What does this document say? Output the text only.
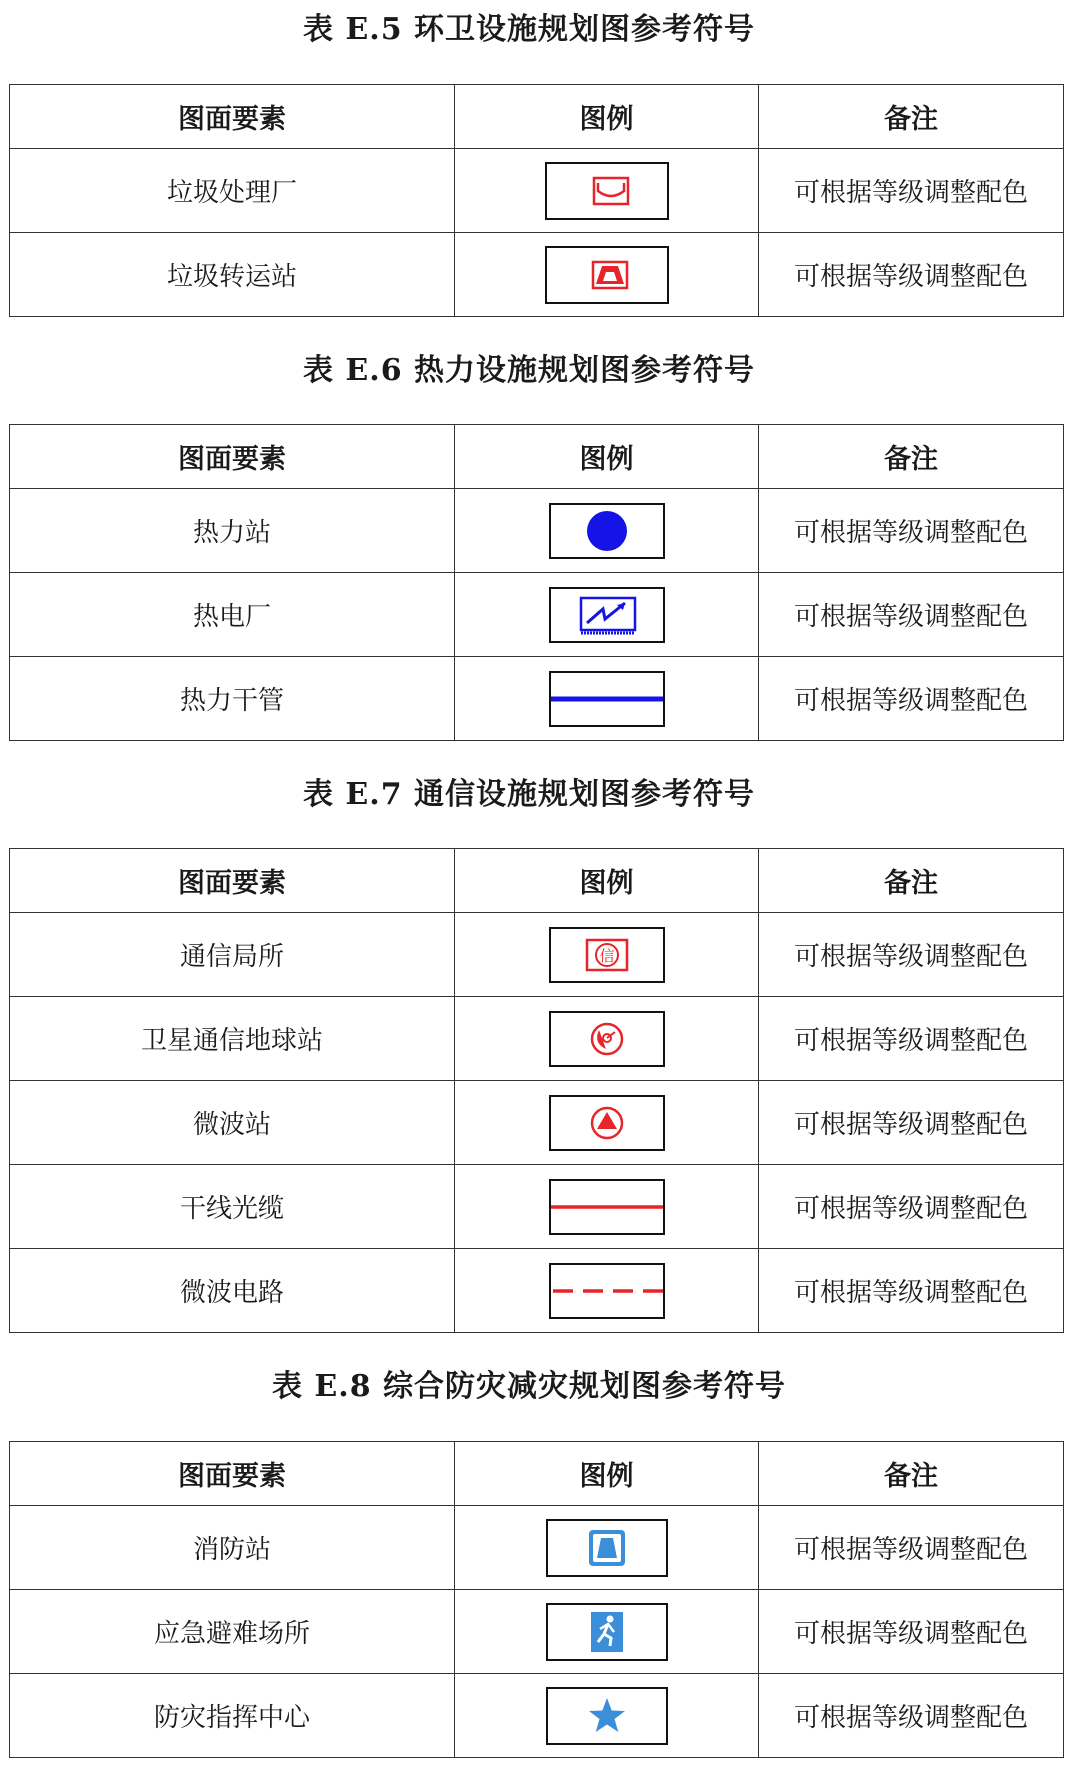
表 E.5 环卫设施规划图参考符号
图面要素	图例	备注
垃圾处理厂		可根据等级调整配色
垃圾转运站		可根据等级调整配色
表 E.6 热力设施规划图参考符号
图面要素	图例	备注
热力站		可根据等级调整配色
热电厂		可根据等级调整配色
热力干管		可根据等级调整配色
表 E.7 通信设施规划图参考符号
图面要素	图例	备注
通信局所	信	可根据等级调整配色
卫星通信地球站		可根据等级调整配色
微波站		可根据等级调整配色
干线光缆		可根据等级调整配色
微波电路		可根据等级调整配色
表 E.8 综合防灾减灾规划图参考符号
图面要素	图例	备注
消防站		可根据等级调整配色
应急避难场所		可根据等级调整配色
防灾指挥中心		可根据等级调整配色
